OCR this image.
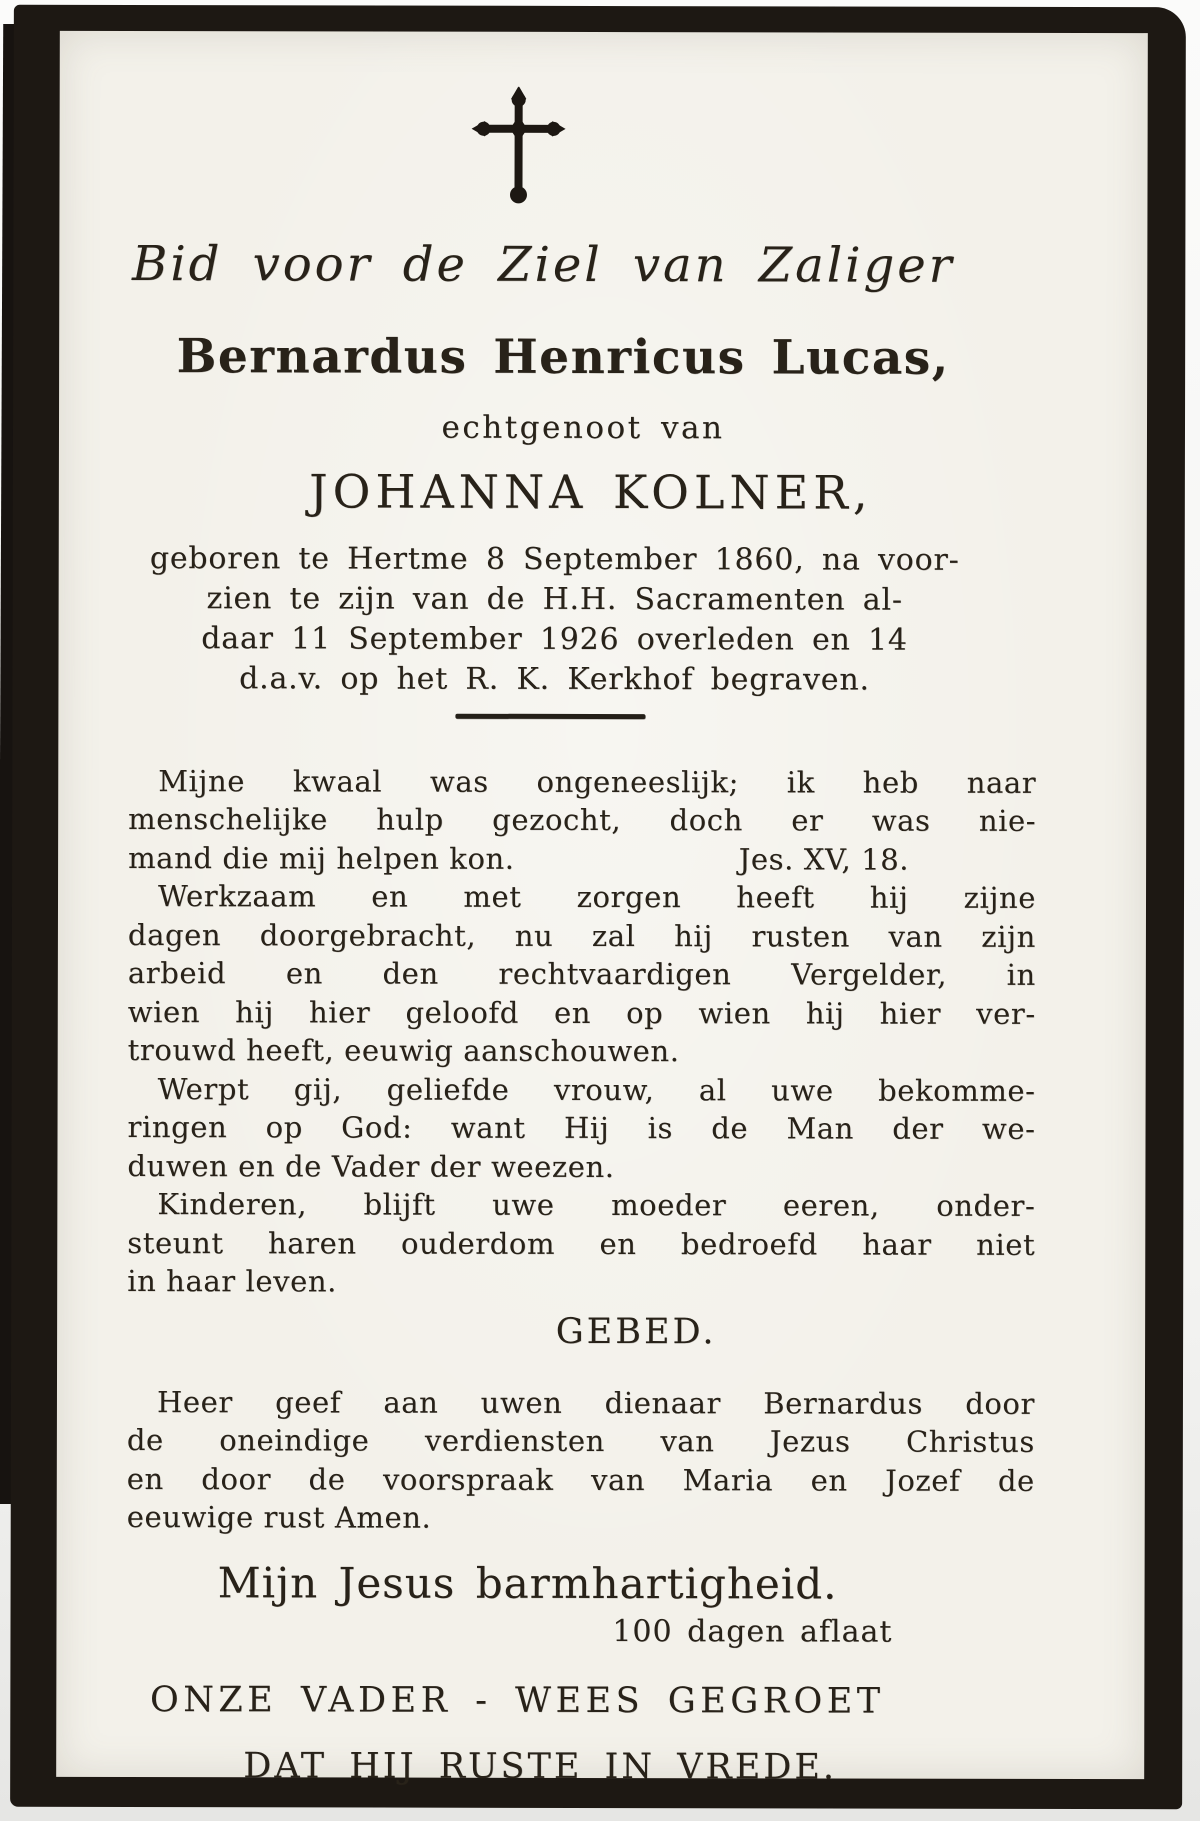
Bid voor de Ziel van Zaliger
Bernardus Henricus Lucas,
echtgenoot van
JOHANNA KOLNER,
geboren te Hertme 8 September 1860, na voor-
zien te zijn van de H.H. Sacramenten al-
daar 11 September 1926 overleden en 14
d.a.v. op het R. K. Kerkhof begraven.
Mijne kwaal was ongeneeslijk; ik heb naar
menschelijke hulp gezocht, doch er was nie-
mand die mij helpen kon.	Jes. XV, 18.
Werkzaam en met zorgen heeft hij zijne
dagen doorgebracht, nu zal hij rusten van zijn
arbeid en den rechtvaardigen Vergelder, in
wien hij hier geloofd en op wien hij hier ver-
trouwd heeft, eeuwig aanschouwen.
Werpt gij, geliefde vrouw, al uwe bekomme-
ringen op God: want Hij is de Man der we-
duwen en de Vader der weezen.
Kinderen, blijft uwe moeder eeren, onder-
steunt haren ouderdom en bedroefd haar niet
in haar leven.
GEBED.
Heer geef aan uwen dienaar Bernardus door
de oneindige verdiensten van Jezus Christus
en door de voorspraak van Maria en Jozef de
eeuwige rust Amen.
Mijn Jesus barmhartigheid.
100 dagen aflaat
ONZE VADER - WEES GEGROET
DAT HIJ RUSTE IN VREDE.
